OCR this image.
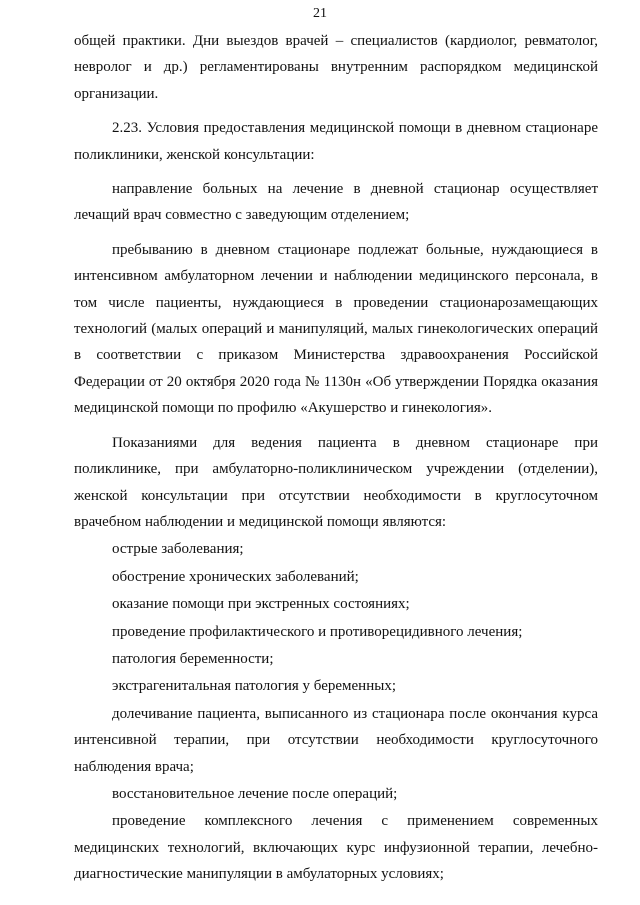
21

общей практики. Дни выездов врачей – специалистов (кардиолог, ревматолог, невролог и др.) регламентированы внутренним распорядком медицинской организации.

2.23. Условия предоставления медицинской помощи в дневном стационаре поликлиники, женской консультации:

направление больных на лечение в дневной стационар осуществляет лечащий врач совместно с заведующим отделением;

пребыванию в дневном стационаре подлежат больные, нуждающиеся в интенсивном амбулаторном лечении и наблюдении медицинского персонала, в том числе пациенты, нуждающиеся в проведении стационарозамещающих технологий (малых операций и манипуляций, малых гинекологических операций в соответствии с приказом Министерства здравоохранения Российской Федерации от 20 октября 2020 года № 1130н «Об утверждении Порядка оказания медицинской помощи по профилю «Акушерство и гинекология».

Показаниями для ведения пациента в дневном стационаре при поликлинике, при амбулаторно-поликлиническом учреждении (отделении), женской консультации при отсутствии необходимости в круглосуточном врачебном наблюдении и медицинской помощи являются:

острые заболевания;

обострение хронических заболеваний;

оказание помощи при экстренных состояниях;

проведение профилактического и противорецидивного лечения;

патология беременности;

экстрагенитальная патология у беременных;

долечивание пациента, выписанного из стационара после окончания курса интенсивной терапии, при отсутствии необходимости круглосуточного наблюдения врача;

восстановительное лечение после операций;

проведение комплексного лечения с применением современных медицинских технологий, включающих курс инфузионной терапии, лечебно-диагностические манипуляции в амбулаторных условиях;
